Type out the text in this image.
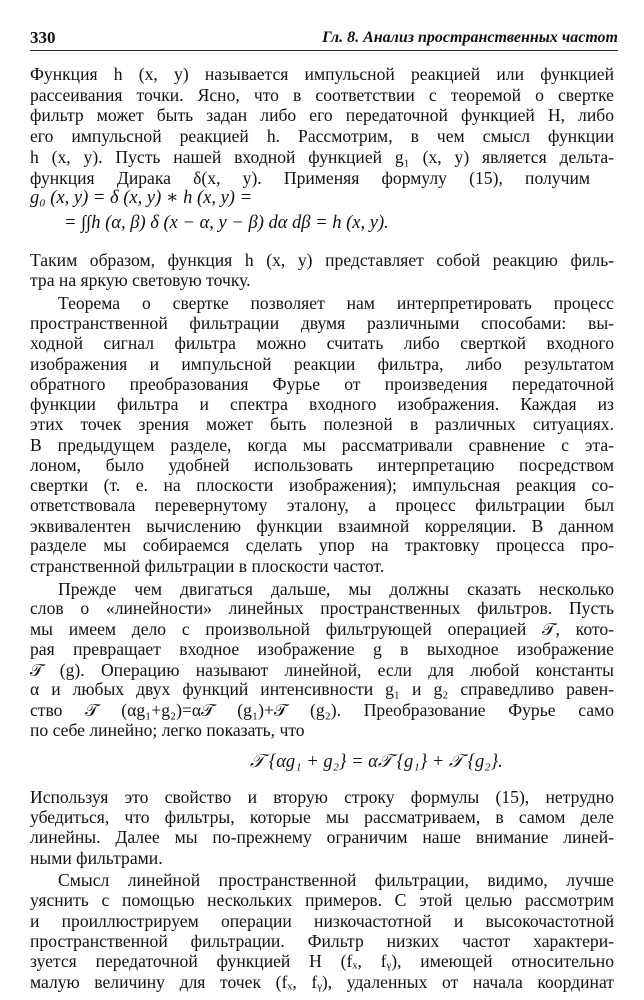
330	Гл. 8. Анализ пространственных частот
Функция h (x, y) называется импульсной реакцией или функцией
рассеивания точки. Ясно, что в соответствии с теоремой о свертке
фильтр может быть задан либо его передаточной функцией H, либо
его импульсной реакцией h. Рассмотрим, в чем смысл функции
h (x, y). Пусть нашей входной функцией g₁ (x, y) является дельта-
функция Дирака δ(x, y). Применяя формулу (15), получим
g₀ (x, y) = δ (x, y) ∗ h (x, y) =
= ∫∫h (α, β) δ (x − α, y − β) dα dβ = h (x, y).
Таким образом, функция h (x, y) представляет собой реакцию филь-
тра на яркую световую точку.
Теорема о свертке позволяет нам интерпретировать процесс
пространственной фильтрации двумя различными способами: вы-
ходной сигнал фильтра можно считать либо сверткой входного
изображения и импульсной реакции фильтра, либо результатом
обратного преобразования Фурье от произведения передаточной
функции фильтра и спектра входного изображения. Каждая из
этих точек зрения может быть полезной в различных ситуациях.
В предыдущем разделе, когда мы рассматривали сравнение с эта-
лоном, было удобней использовать интерпретацию посредством
свертки (т. е. на плоскости изображения); импульсная реакция со-
ответствовала перевернутому эталону, а процесс фильтрации был
эквивалентен вычислению функции взаимной корреляции. В данном
разделе мы собираемся сделать упор на трактовку процесса про-
странственной фильтрации в плоскости частот.
Прежде чем двигаться дальше, мы должны сказать несколько
слов о «линейности» линейных пространственных фильтров. Пусть
мы имеем дело с произвольной фильтрующей операцией 𝒯, кото-
рая превращает входное изображение g в выходное изображение
𝒯 (g). Операцию называют линейной, если для любой константы
α и любых двух функций интенсивности g₁ и g₂ справедливо равен-
ство 𝒯 (αg₁+g₂)=α𝒯 (g₁)+𝒯 (g₂). Преобразование Фурье само
по себе линейно; легко показать, что
𝒯 {αg₁ + g₂} = α𝒯 {g₁} + 𝒯 {g₂}.
Используя это свойство и вторую строку формулы (15), нетрудно
убедиться, что фильтры, которые мы рассматриваем, в самом деле
линейны. Далее мы по-прежнему ограничим наше внимание линей-
ными фильтрами.
Смысл линейной пространственной фильтрации, видимо, лучше
уяснить с помощью нескольких примеров. С этой целью рассмотрим
и проиллюстрируем операции низкочастотной и высокочастотной
пространственной фильтрации. Фильтр низких частот характери-
зуется передаточной функцией H (fₓ, fᵧ), имеющей относительно
малую величину для точек (fₓ, fᵧ), удаленных от начала координат
